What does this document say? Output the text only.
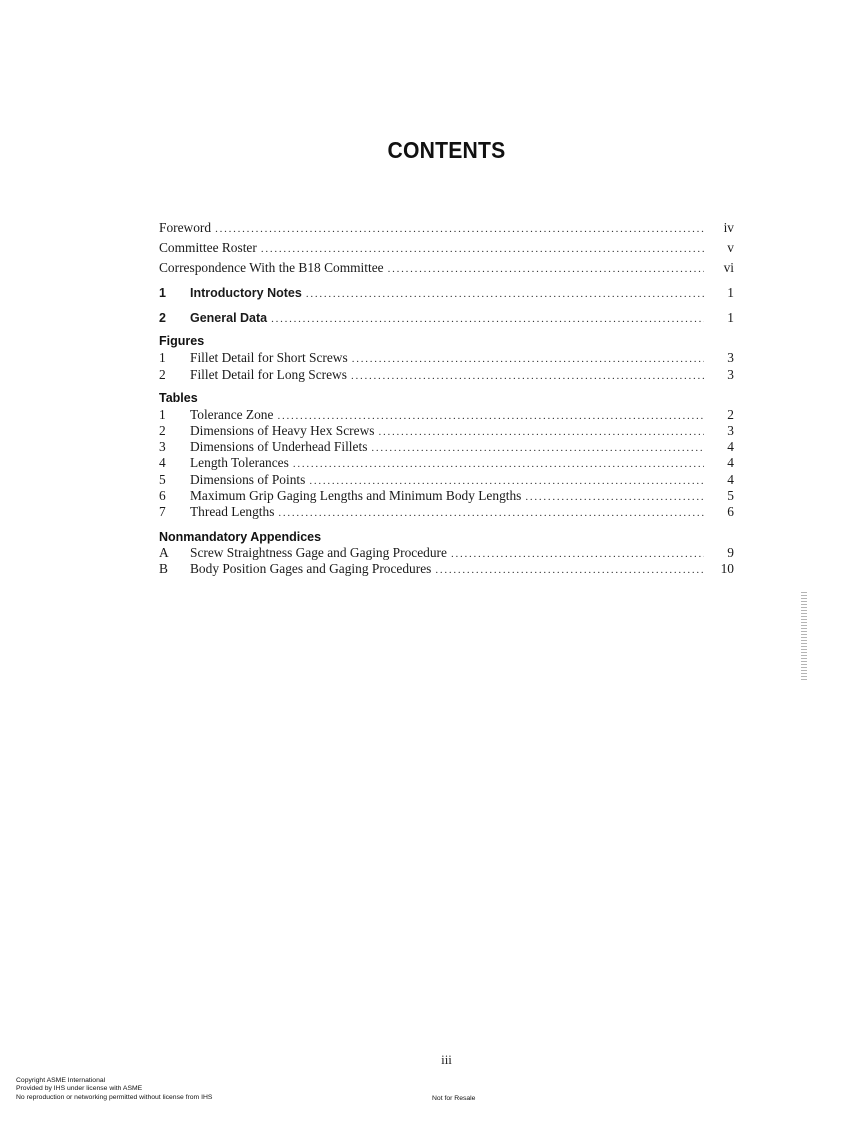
CONTENTS
Foreword . . .	iv
Committee Roster . . .	v
Correspondence With the B18 Committee . . .	vi
1	Introductory Notes . . .	1
2	General Data . . .	1
Figures
1	Fillet Detail for Short Screws . . .	3
2	Fillet Detail for Long Screws . . .	3
Tables
1	Tolerance Zone . . .	2
2	Dimensions of Heavy Hex Screws . . .	3
3	Dimensions of Underhead Fillets . . .	4
4	Length Tolerances . . .	4
5	Dimensions of Points . . .	4
6	Maximum Grip Gaging Lengths and Minimum Body Lengths . . .	5
7	Thread Lengths . . .	6
Nonmandatory Appendices
A	Screw Straightness Gage and Gaging Procedure . . .	9
B	Body Position Gages and Gaging Procedures . . .	10
iii
Copyright ASME International
Provided by IHS under license with ASME
No reproduction or networking permitted without license from IHS	Not for Resale
